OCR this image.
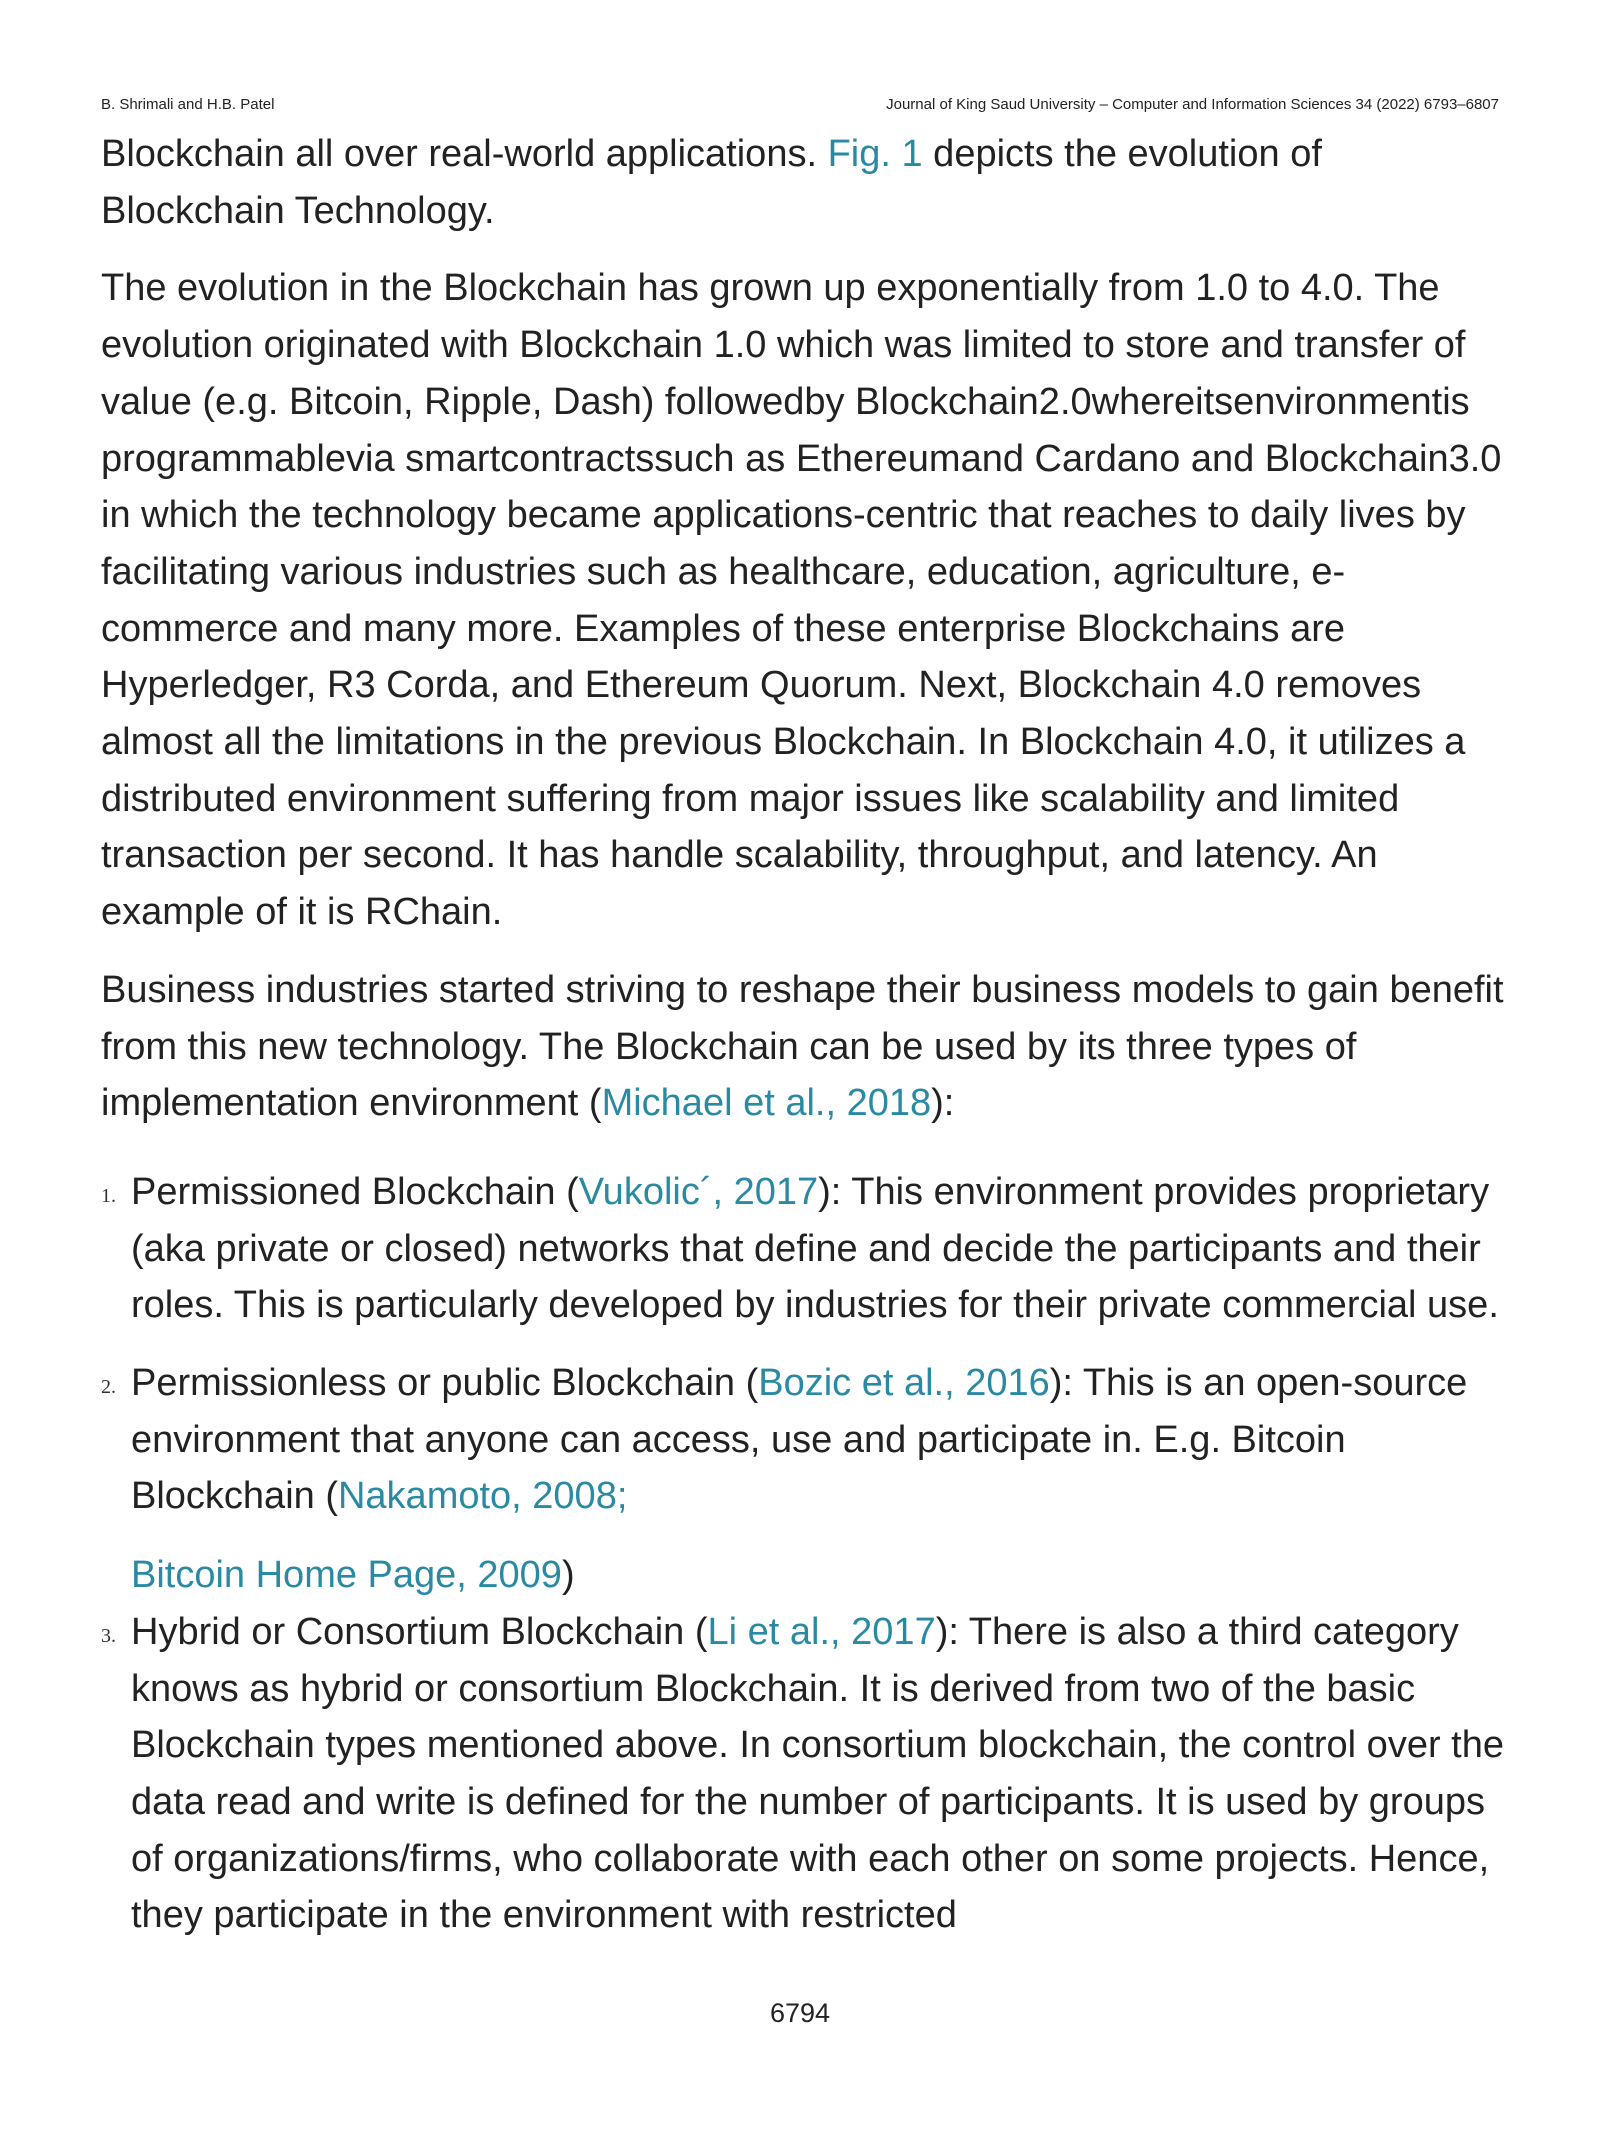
B. Shrimali and H.B. Patel	Journal of King Saud University – Computer and Information Sciences 34 (2022) 6793–6807

Blockchain all over real-world applications. Fig. 1 depicts the evolution of Blockchain Technology.

The evolution in the Blockchain has grown up exponentially from 1.0 to 4.0. The evolution originated with Blockchain 1.0 which was limited to store and transfer of value (e.g. Bitcoin, Ripple, Dash) followedby Blockchain2.0whereitsenvironmentis programmablevia smartcontractssuch as Ethereumand Cardano and Blockchain3.0 in which the technology became applications-centric that reaches to daily lives by facilitating various industries such as healthcare, education, agriculture, e-commerce and many more. Examples of these enterprise Blockchains are Hyperledger, R3 Corda, and Ethereum Quorum. Next, Blockchain 4.0 removes almost all the limitations in the previous Blockchain. In Blockchain 4.0, it utilizes a distributed environment suffering from major issues like scalability and limited transaction per second. It has handle scalability, throughput, and latency. An example of it is RChain.

Business industries started striving to reshape their business models to gain benefit from this new technology. The Blockchain can be used by its three types of implementation environment (Michael et al., 2018):

1. Permissioned Blockchain (Vukolic´, 2017): This environment provides proprietary (aka private or closed) networks that define and decide the participants and their roles. This is particularly developed by industries for their private commercial use.
2. Permissionless or public Blockchain (Bozic et al., 2016): This is an open-source environment that anyone can access, use and participate in. E.g. Bitcoin Blockchain (Nakamoto, 2008;
Bitcoin Home Page, 2009)
3. Hybrid or Consortium Blockchain (Li et al., 2017): There is also a third category knows as hybrid or consortium Blockchain. It is derived from two of the basic Blockchain types mentioned above. In consortium blockchain, the control over the data read and write is defined for the number of participants. It is used by groups of organizations/firms, who collaborate with each other on some projects. Hence, they participate in the environment with restricted
6794
